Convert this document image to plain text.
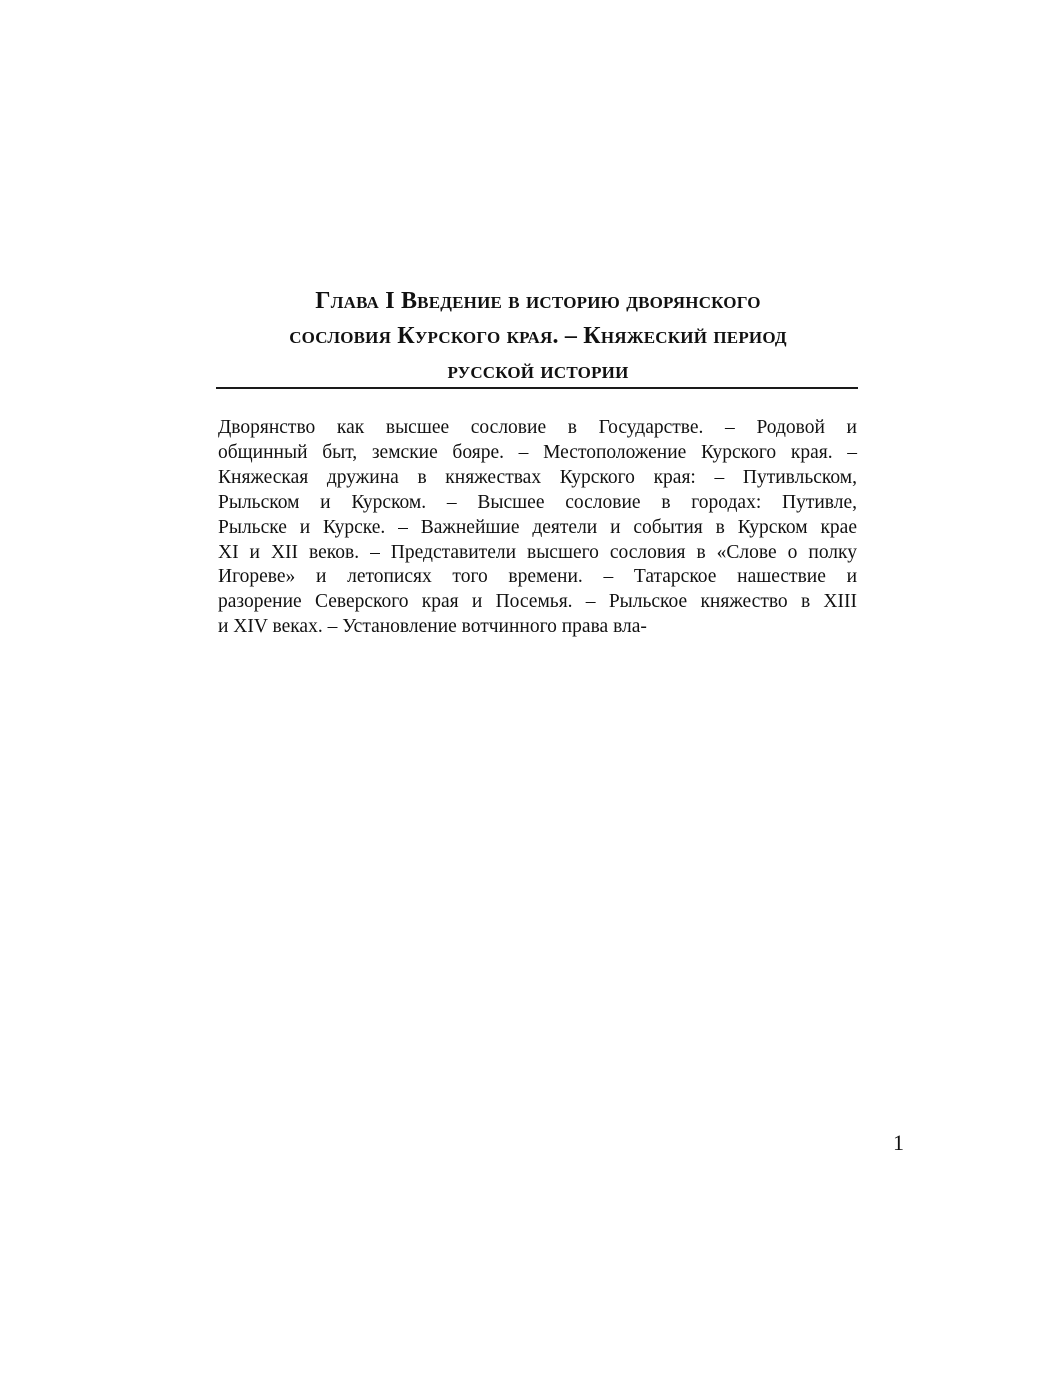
Глава I Введение в историю дворянского
сословия Курского края. – Княжеский период
русской истории

Дворянство как высшее сословие в Государстве. – Родовой и
общинный быт, земские бояре. – Местоположение Курского края. –
Княжеская дружина в княжествах Курского края: – Путивльском,
Рыльском и Курском. – Высшее сословие в городах: Путивле,
Рыльске и Курске. – Важнейшие деятели и события в Курском крае
XI и XII веков. – Представители высшего сословия в «Слове о полку
Игореве» и летописях того времени. – Татарское нашествие и
разорение Северского края и Посемья. – Рыльское княжество в XIII
и XIV веках. – Установление вотчинного права вла-

1
